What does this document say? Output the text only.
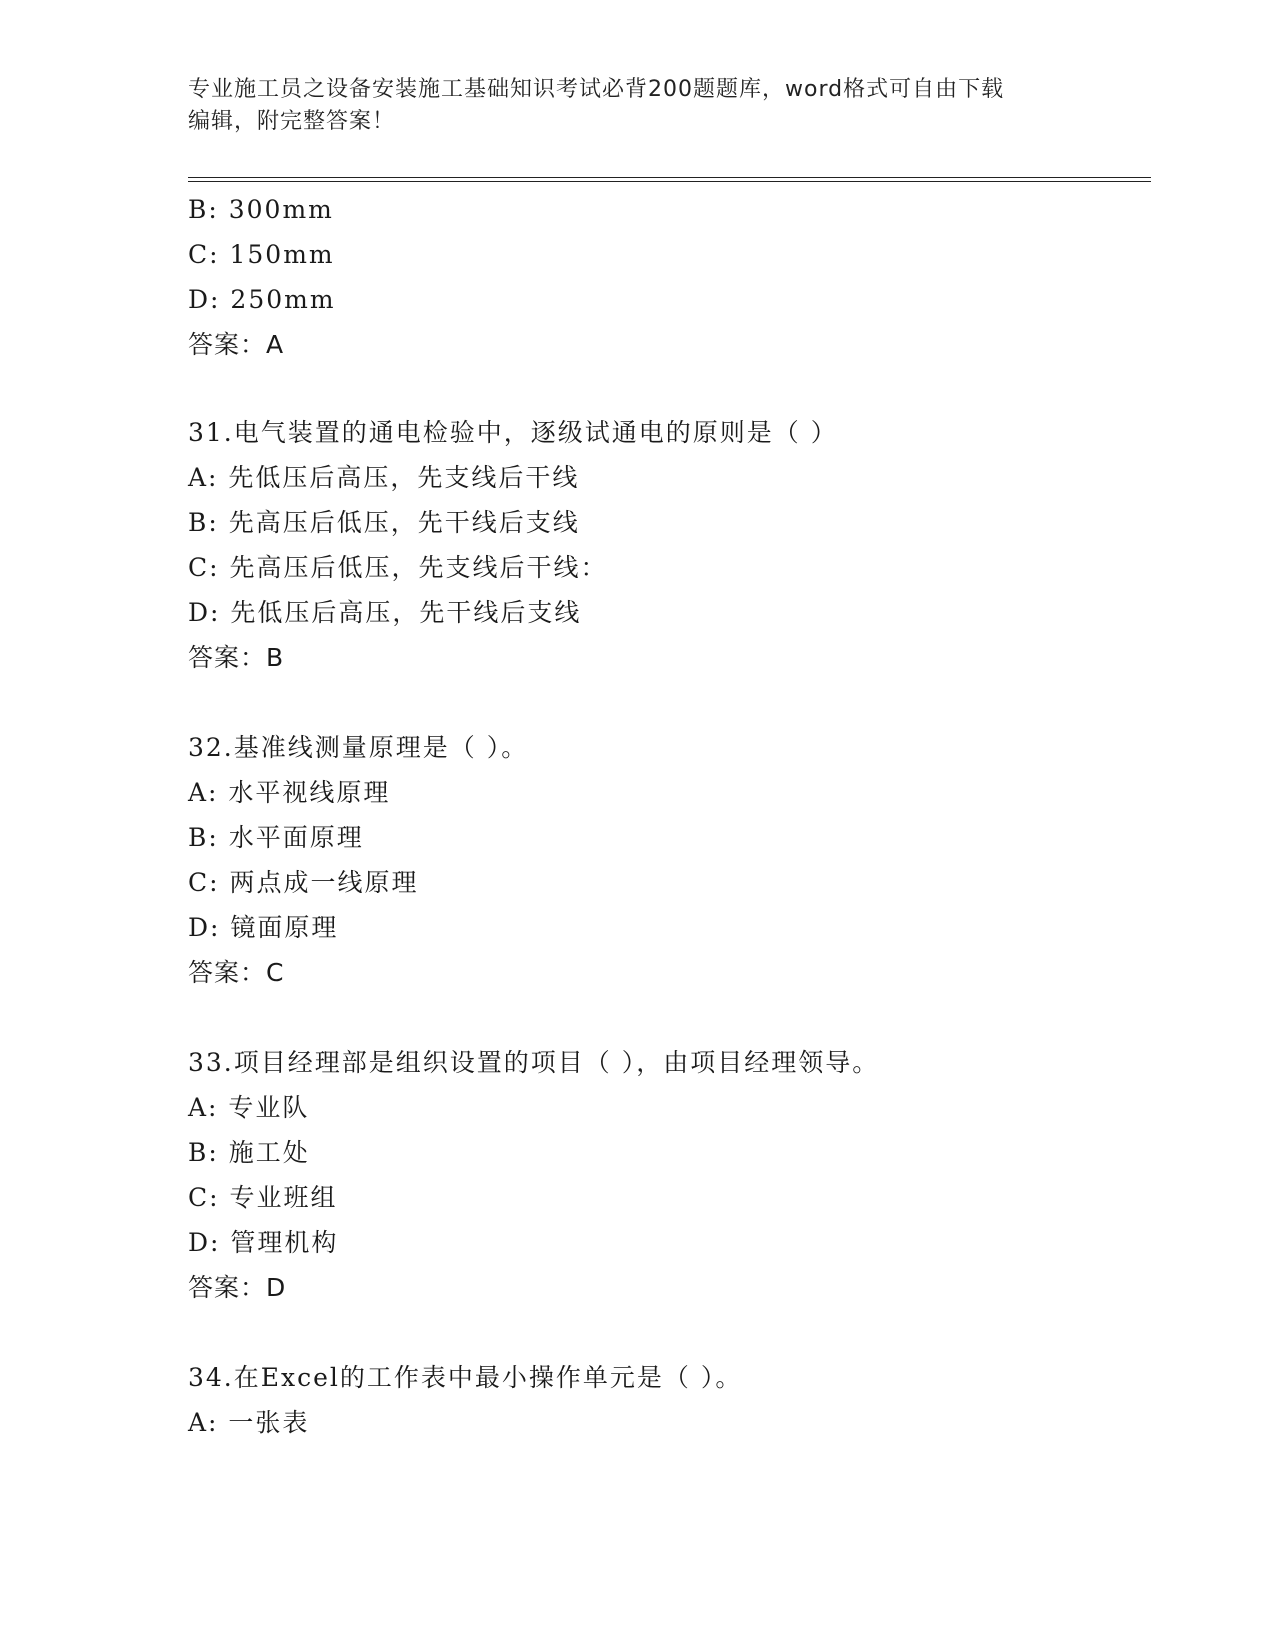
专业施工员之设备安装施工基础知识考试必背200题题库，word格式可自由下载
编辑，附完整答案！
B: 300mm
C: 150mm
D: 250mm
答案：A
31.电气装置的通电检验中，逐级试通电的原则是（ ）
A: 先低压后高压，先支线后干线
B: 先高压后低压，先干线后支线
C: 先高压后低压，先支线后干线：
D: 先低压后高压，先干线后支线
答案：B
32.基准线测量原理是（ ）。
A: 水平视线原理
B: 水平面原理
C: 两点成一线原理
D: 镜面原理
答案：C
33.项目经理部是组织设置的项目（ ），由项目经理领导。
A: 专业队
B: 施工处
C: 专业班组
D: 管理机构
答案：D
34.在Excel的工作表中最小操作单元是（ ）。
A: 一张表
